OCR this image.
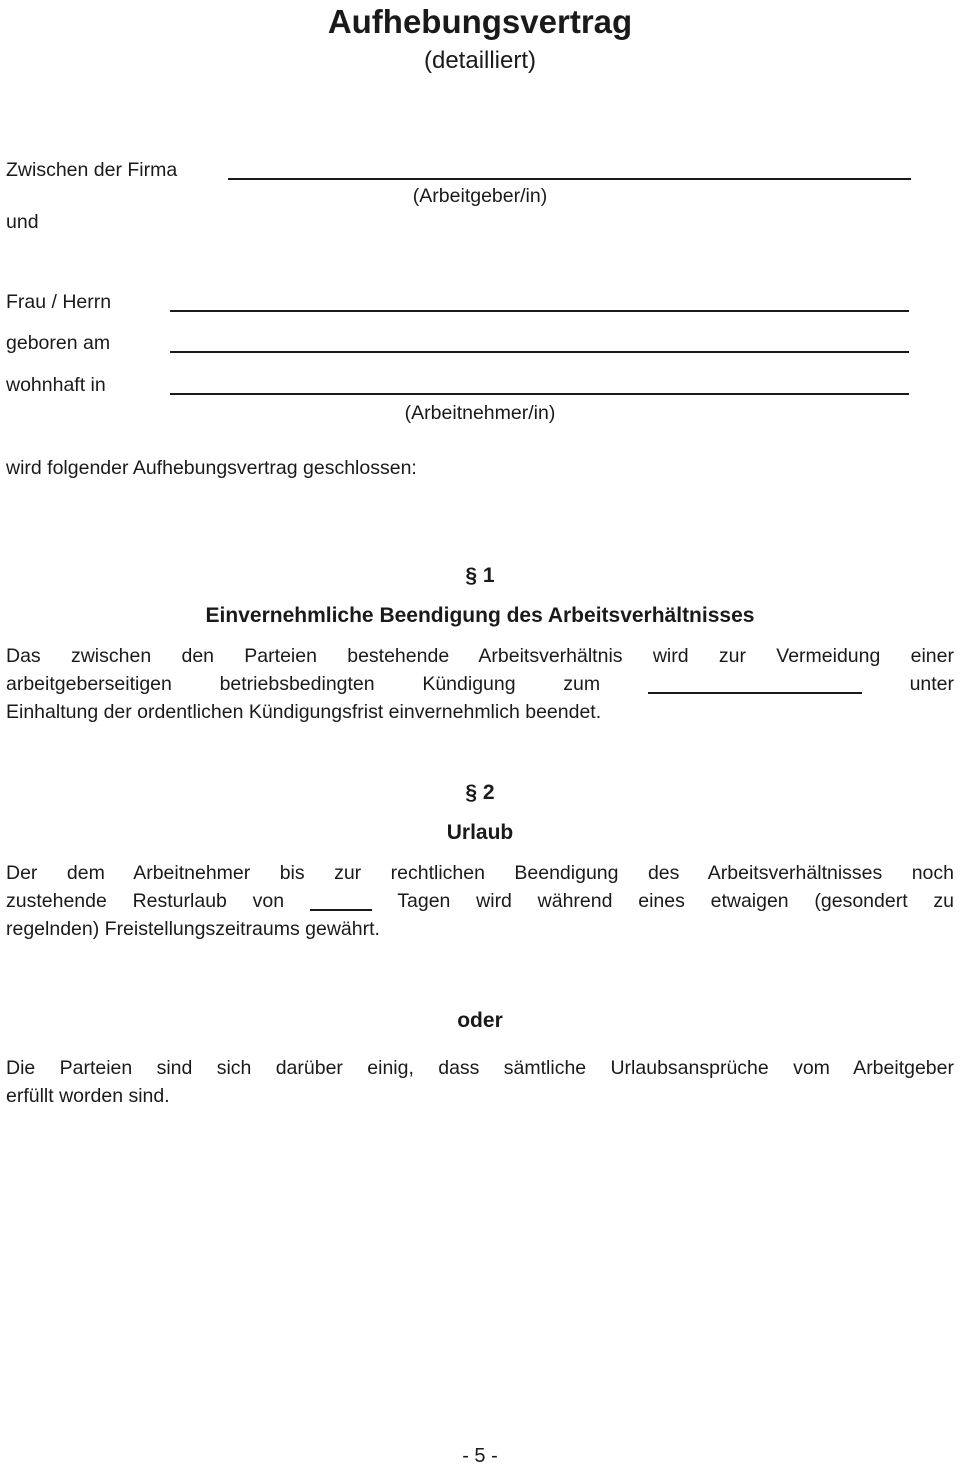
Aufhebungsvertrag
(detailliert)
Zwischen der Firma
(Arbeitgeber/in)
und
Frau / Herrn
geboren am
wohnhaft in
(Arbeitnehmer/in)
wird folgender Aufhebungsvertrag geschlossen:
§ 1
Einvernehmliche Beendigung des Arbeitsverhältnisses
Das zwischen den Parteien bestehende Arbeitsverhältnis wird zur Vermeidung einer
arbeitgeberseitigen betriebsbedingten Kündigung zum	unter
Einhaltung der ordentlichen Kündigungsfrist einvernehmlich beendet.
§ 2
Urlaub
Der dem Arbeitnehmer bis zur rechtlichen Beendigung des Arbeitsverhältnisses noch
zustehende Resturlaub von	Tagen wird während eines etwaigen (gesondert zu
regelnden) Freistellungszeitraums gewährt.
oder
Die Parteien sind sich darüber einig, dass sämtliche Urlaubsansprüche vom Arbeitgeber
erfüllt worden sind.
- 5 -
